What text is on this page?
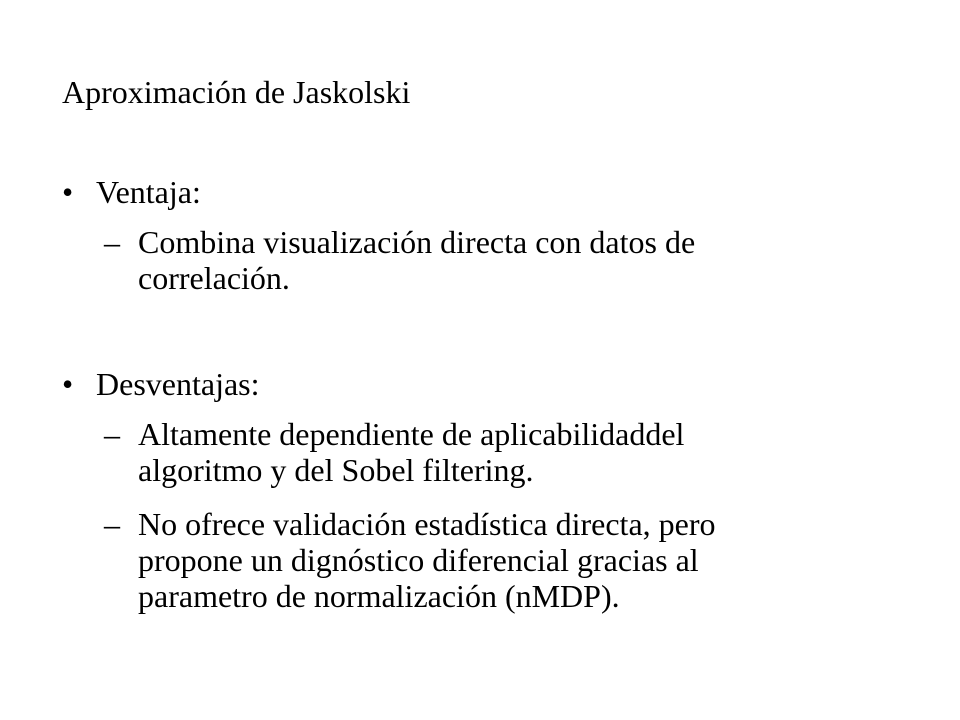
Aproximación de Jaskolski
• Ventaja:
– Combina visualización directa con datos de
correlación.
• Desventajas:
– Altamente dependiente de aplicabilidaddel
algoritmo y del Sobel filtering.
– No ofrece validación estadística directa, pero
propone un dignóstico diferencial gracias al
parametro de normalización (nMDP).
